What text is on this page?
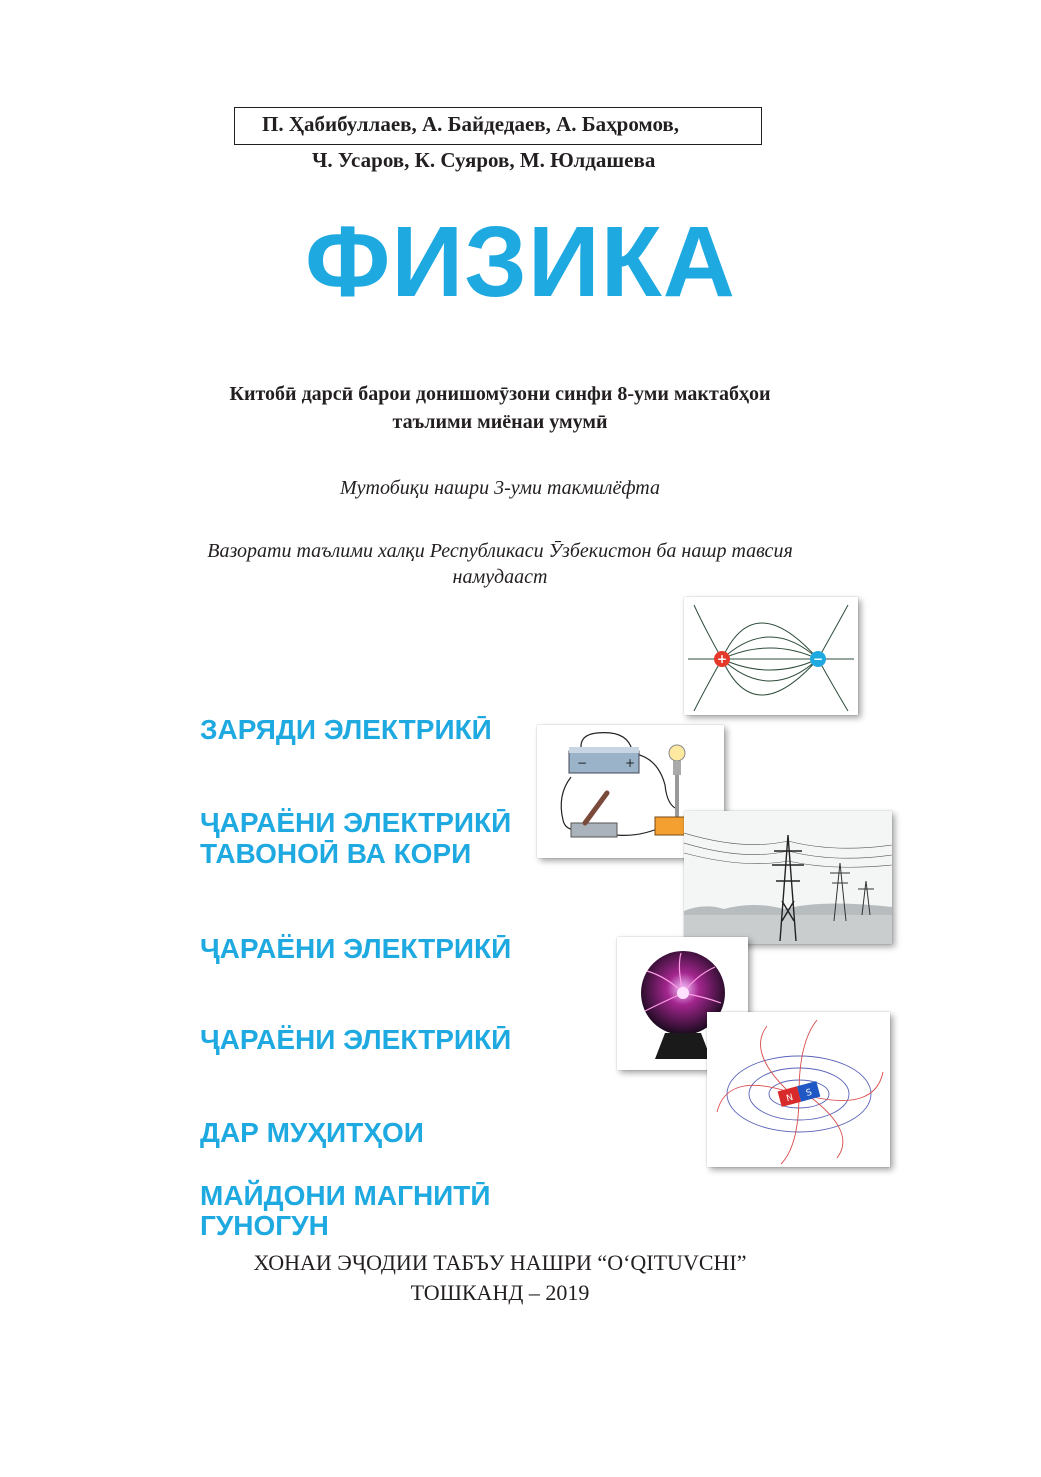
П. Ҳабибуллаев, А. Байдедаев, А. Баҳромов,
Ч. Усаров, К. Суяров, М. Юлдашева
ФИЗИКА
Китобӣ дарсӣ барои донишомӯзони синфи 8-уми мактабҳои
таълими миёнаи умумӣ
Мутобиқи нашри 3-уми такмилёфта
Вазорати таълими халқи Республикаси Ӯзбекистон ба нашр тавсия
намудааст

ЗАРЯДИ ЭЛЕКТРИКӢ

ҶАРАЁНИ ЭЛЕКТРИКӢ

ТАВОНОӢ ВА КОРИ

ҶАРАЁНИ ЭЛЕКТРИКӢ

ҶАРАЁНИ ЭЛЕКТРИКӢ

ДАР МУҲИТҲОИ

ГУНОГУН

МАЙДОНИ МАГНИТӢ

+	−
−	+
N S
ХОНАИ ЭҶОДИИ ТАБЪУ НАШРИ “O‘QITUVCHI”
ТОШКАНД – 2019
